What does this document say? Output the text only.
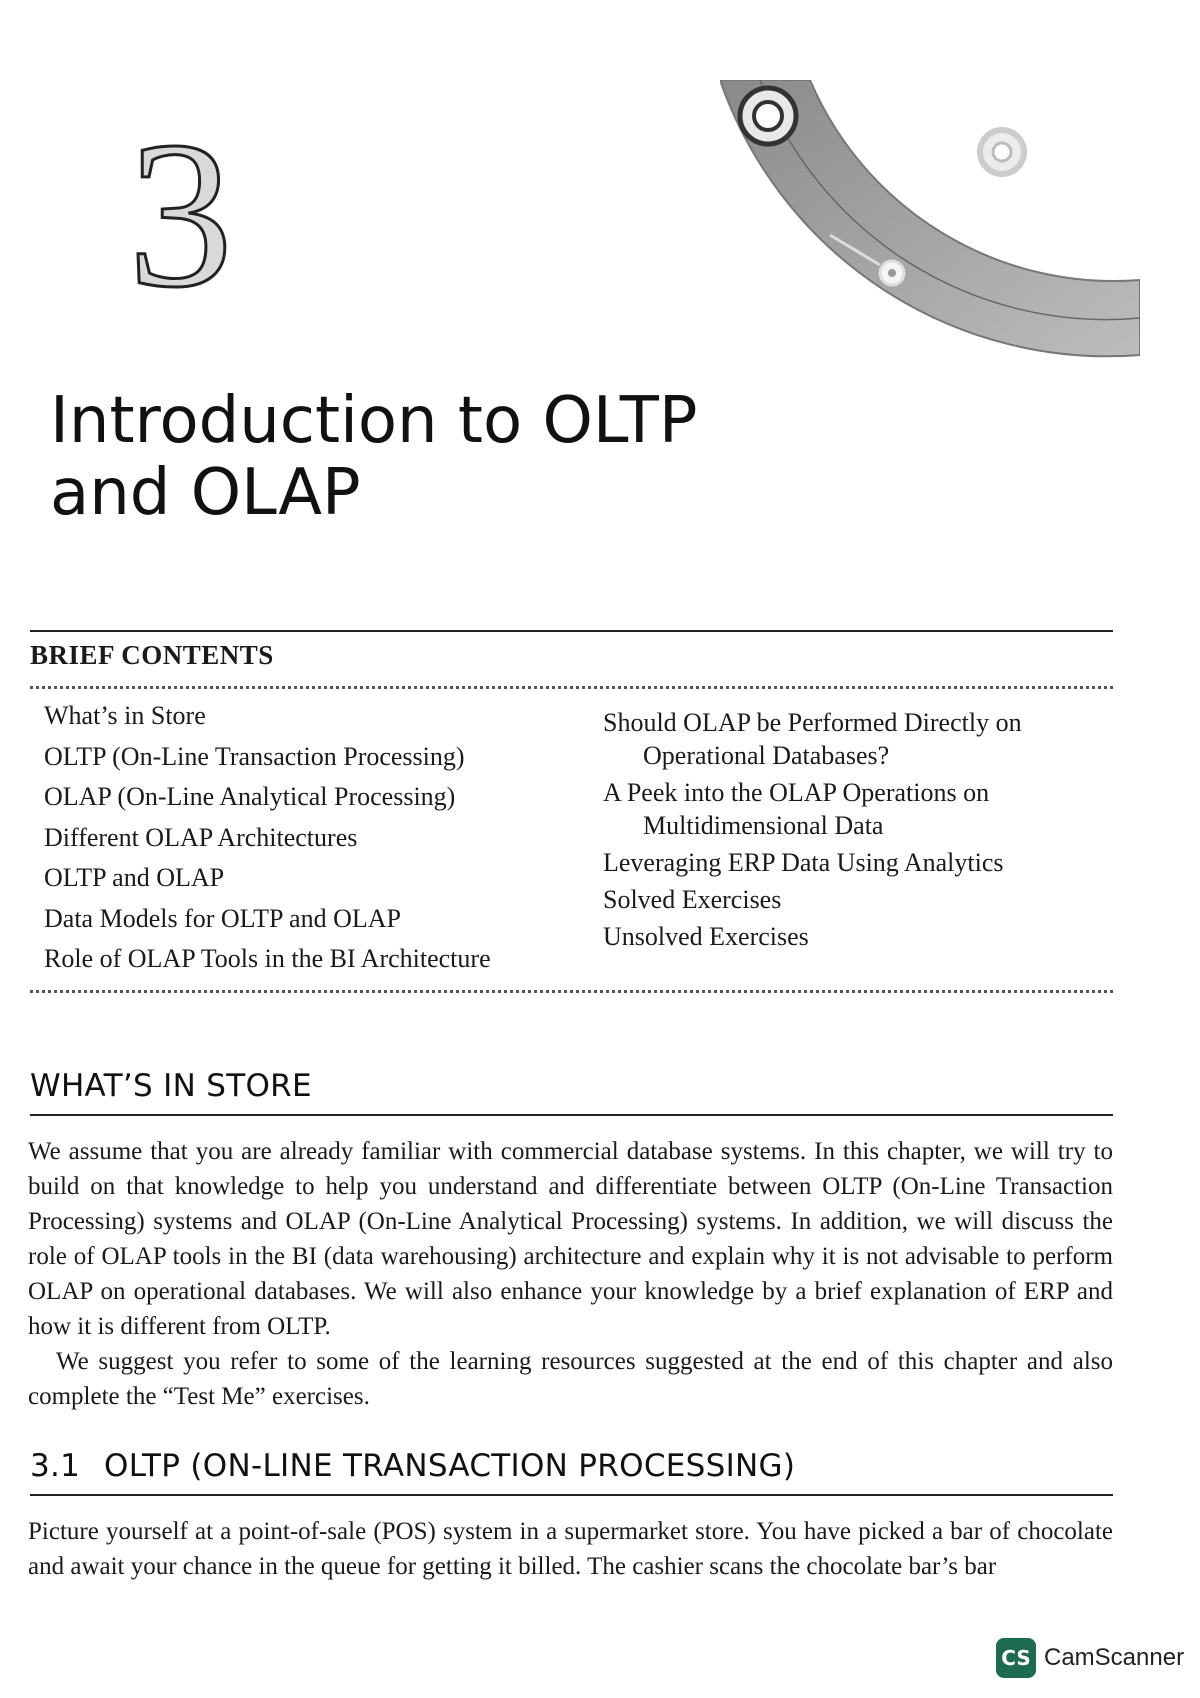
3
Introduction to OLTP
and OLAP
BRIEF CONTENTS
What’s in Store
OLTP (On-Line Transaction Processing)
OLAP (On-Line Analytical Processing)
Different OLAP Architectures
OLTP and OLAP
Data Models for OLTP and OLAP
Role of OLAP Tools in the BI Architecture
Should OLAP be Performed Directly on
Operational Databases?
A Peek into the OLAP Operations on
Multidimensional Data
Leveraging ERP Data Using Analytics
Solved Exercises
Unsolved Exercises
WHAT’S IN STORE

We assume that you are already familiar with commercial database systems. In this chapter, we will try to build on that knowledge to help you understand and differentiate between OLTP (On-Line Transaction Processing) systems and OLAP (On-Line Analytical Processing) systems. In addition, we will discuss the role of OLAP tools in the BI (data warehousing) architecture and explain why it is not advisable to perform OLAP on operational databases. We will also enhance your knowledge by a brief explanation of ERP and how it is different from OLTP.

We suggest you refer to some of the learning resources suggested at the end of this chapter and also complete the “Test Me” exercises.

3.1 OLTP (ON-LINE TRANSACTION PROCESSING)

Picture yourself at a point-of-sale (POS) system in a supermarket store. You have picked a bar of chocolate and await your chance in the queue for getting it billed. The cashier scans the chocolate bar’s bar

CS CamScanner
